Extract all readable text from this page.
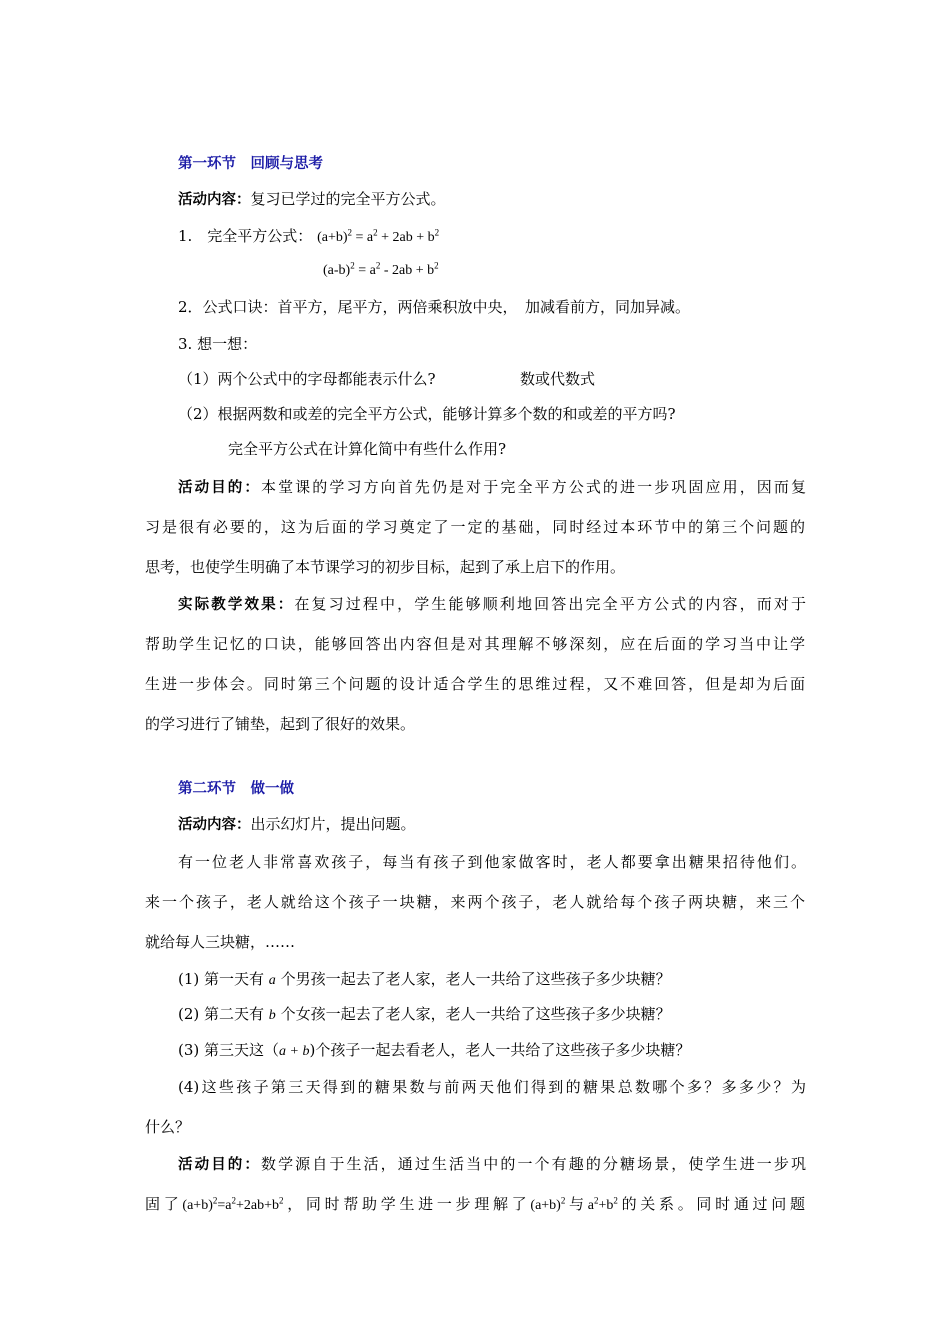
第一环节　回顾与思考
活动内容：复习已学过的完全平方公式。
1.　完全平方公式： $(a+b)^2 = a^2 + 2ab + b^2$
$(a-b)^2 = a^2 - 2ab + b^2$
2．公式口诀：首平方，尾平方，两倍乘积放中央，　加减看前方，同加异减。
3. 想一想：
（1）两个公式中的字母都能表示什么?	数或代数式
（2）根据两数和或差的完全平方公式，能够计算多个数的和或差的平方吗?
完全平方公式在计算化简中有些什么作用?
活动目的：本堂课的学习方向首先仍是对于完全平方公式的进一步巩固应用，因而复
习是很有必要的，这为后面的学习奠定了一定的基础，同时经过本环节中的第三个问题的
思考，也使学生明确了本节课学习的初步目标，起到了承上启下的作用。
实际教学效果：在复习过程中，学生能够顺利地回答出完全平方公式的内容，而对于
帮助学生记忆的口诀，能够回答出内容但是对其理解不够深刻，应在后面的学习当中让学
生进一步体会。同时第三个问题的设计适合学生的思维过程，又不难回答，但是却为后面
的学习进行了铺垫，起到了很好的效果。
第二环节　做一做
活动内容：出示幻灯片，提出问题。
有一位老人非常喜欢孩子，每当有孩子到他家做客时，老人都要拿出糖果招待他们。
来一个孩子，老人就给这个孩子一块糖，来两个孩子，老人就给每个孩子两块糖，来三个
就给每人三块糖，……
(1) 第一天有 a 个男孩一起去了老人家，老人一共给了这些孩子多少块糖？
(2) 第二天有 b 个女孩一起去了老人家，老人一共给了这些孩子多少块糖？
(3) 第三天这（a + b)个孩子一起去看老人，老人一共给了这些孩子多少块糖？
(4)这些孩子第三天得到的糖果数与前两天他们得到的糖果总数哪个多？多多少？为
什么？
活动目的：数学源自于生活，通过生活当中的一个有趣的分糖场景，使学生进一步巩
固了$(a+b)^2=a^2+2ab+b^2$，同时帮助学生进一步理解了$(a+b)^2$与$a^2+b^2$的关系。同时通过问题
